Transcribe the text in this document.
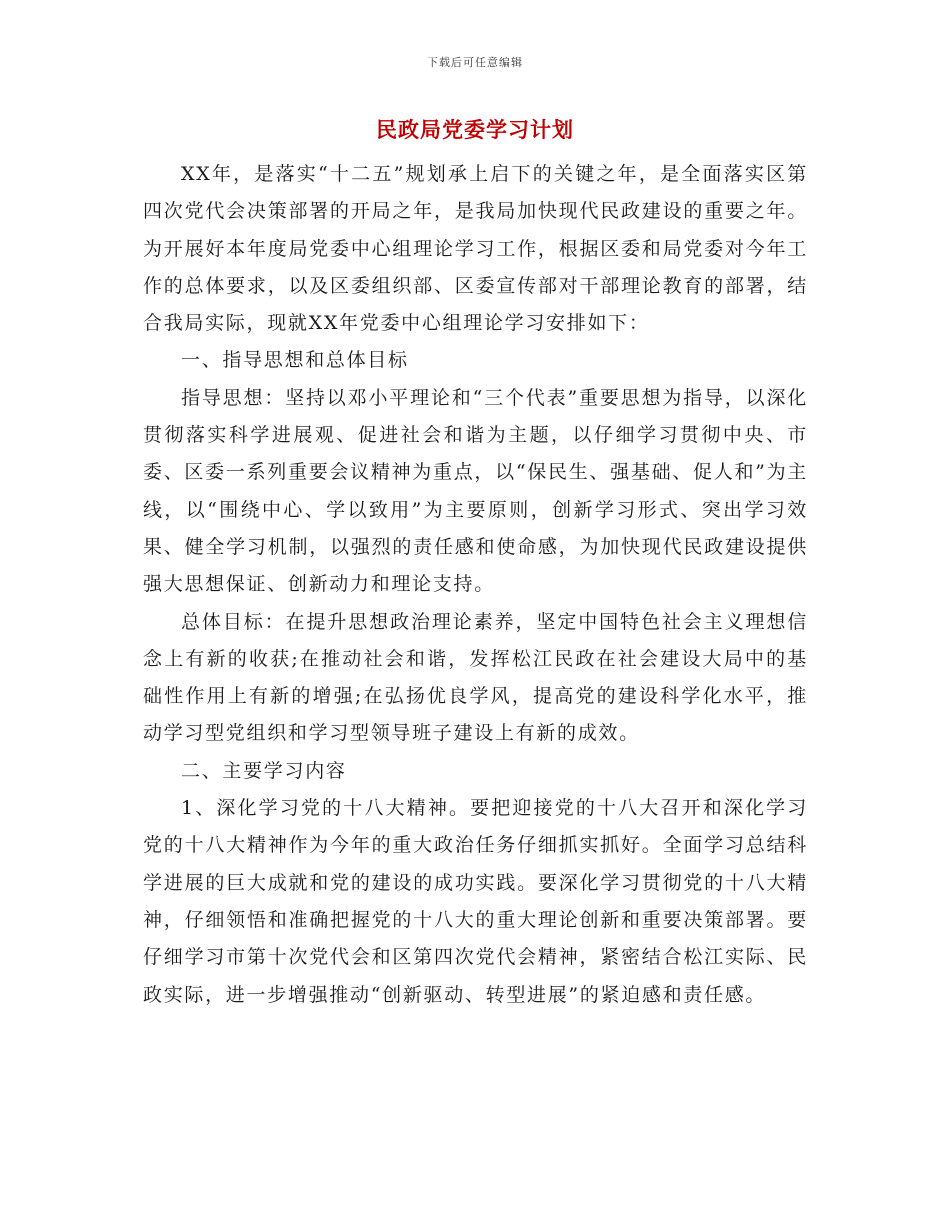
下载后可任意编辑
民政局党委学习计划

XX年，是落实“十二五”规划承上启下的关键之年，是全面落实区第四次党代会决策部署的开局之年，是我局加快现代民政建设的重要之年。为开展好本年度局党委中心组理论学习工作，根据区委和局党委对今年工作的总体要求，以及区委组织部、区委宣传部对干部理论教育的部署，结合我局实际，现就XX年党委中心组理论学习安排如下：

一、指导思想和总体目标

指导思想：坚持以邓小平理论和“三个代表”重要思想为指导，以深化贯彻落实科学进展观、促进社会和谐为主题，以仔细学习贯彻中央、市委、区委一系列重要会议精神为重点，以“保民生、强基础、促人和”为主线，以“围绕中心、学以致用”为主要原则，创新学习形式、突出学习效果、健全学习机制，以强烈的责任感和使命感，为加快现代民政建设提供强大思想保证、创新动力和理论支持。

总体目标：在提升思想政治理论素养，坚定中国特色社会主义理想信念上有新的收获;在推动社会和谐，发挥松江民政在社会建设大局中的基础性作用上有新的增强;在弘扬优良学风，提高党的建设科学化水平，推动学习型党组织和学习型领导班子建设上有新的成效。

二、主要学习内容

1、深化学习党的十八大精神。要把迎接党的十八大召开和深化学习党的十八大精神作为今年的重大政治任务仔细抓实抓好。全面学习总结科学进展的巨大成就和党的建设的成功实践。要深化学习贯彻党的十八大精神，仔细领悟和准确把握党的十八大的重大理论创新和重要决策部署。要仔细学习市第十次党代会和区第四次党代会精神，紧密结合松江实际、民政实际，进一步增强推动“创新驱动、转型进展”的紧迫感和责任感。
